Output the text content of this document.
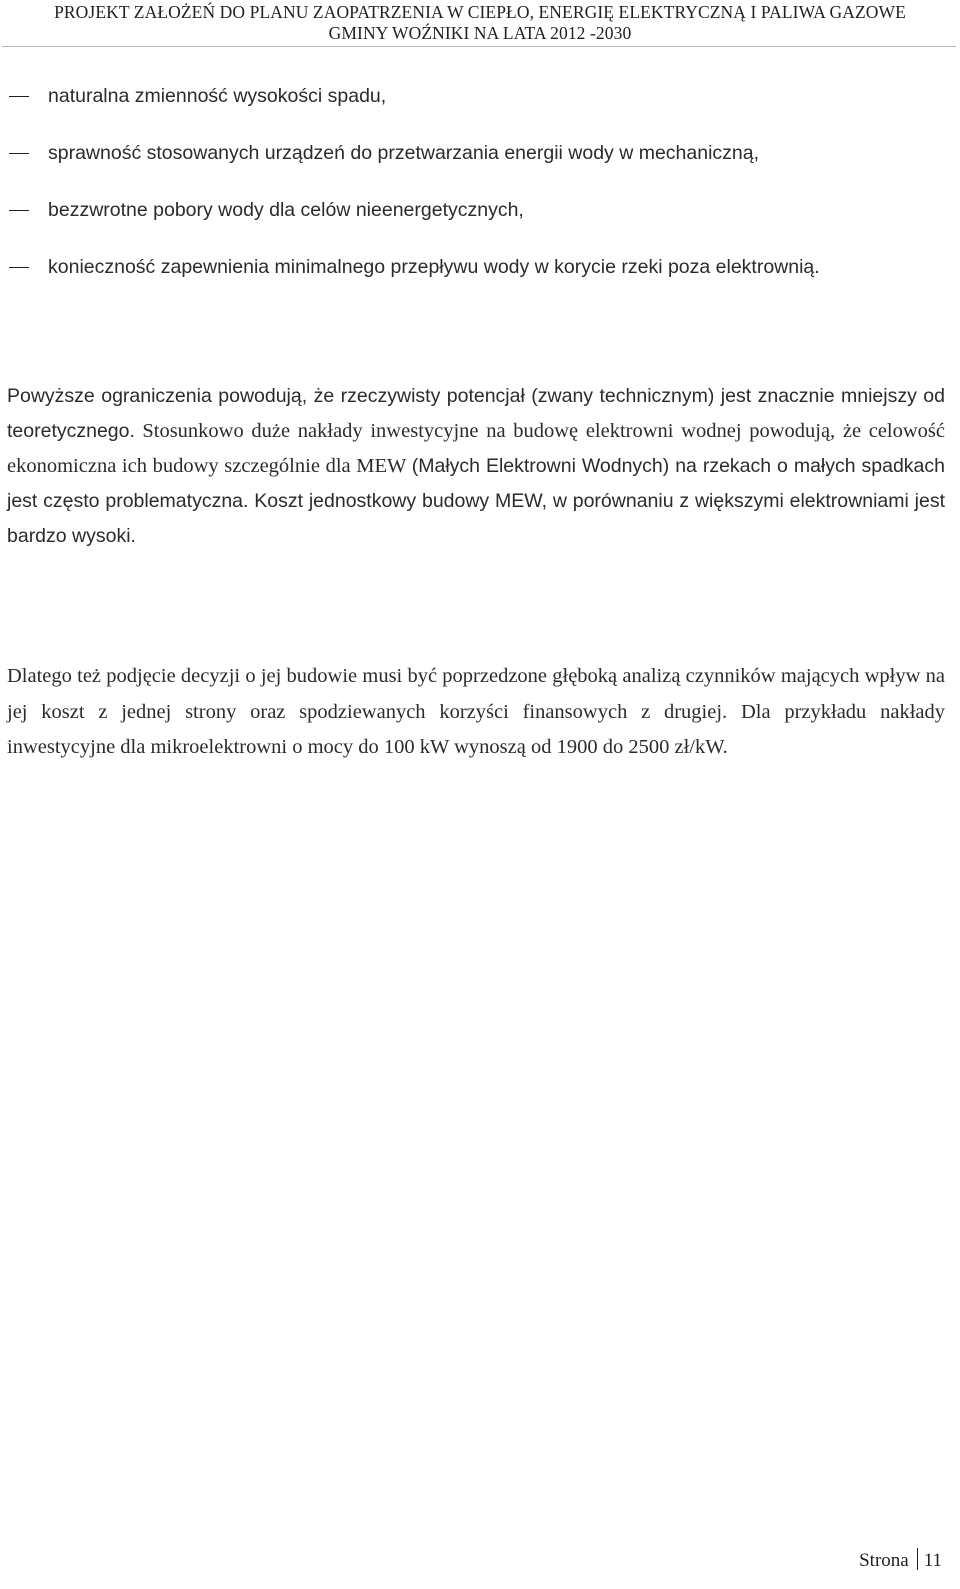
PROJEKT ZAŁOŻEŃ DO PLANU ZAOPATRZENIA W CIEPŁO, ENERGIĘ ELEKTRYCZNĄ I PALIWA GAZOWE
GMINY WOŹNIKI NA LATA 2012 -2030
naturalna zmienność wysokości spadu,
sprawność stosowanych urządzeń do przetwarzania energii wody w mechaniczną,
bezzwrotne pobory wody dla celów nieenergetycznych,
konieczność zapewnienia minimalnego przepływu wody w korycie rzeki poza elektrownią.

Powyższe ograniczenia powodują, że rzeczywisty potencjał (zwany technicznym) jest znacznie mniejszy od teoretycznego. Stosunkowo duże nakłady inwestycyjne na budowę elektrowni wodnej powodują, że celowość ekonomiczna ich budowy szczególnie dla MEW (Małych Elektrowni Wodnych) na rzekach o małych spadkach jest często problematyczna. Koszt jednostkowy budowy MEW, w porównaniu z większymi elektrowniami jest bardzo wysoki.

Dlatego też podjęcie decyzji o jej budowie musi być poprzedzone głęboką analizą czynników mających wpływ na jej koszt z jednej strony oraz spodziewanych korzyści finansowych z drugiej. Dla przykładu nakłady inwestycyjne dla mikroelektrowni o mocy do 100 kW wynoszą od 1900 do 2500 zł/kW.

Strona 11
